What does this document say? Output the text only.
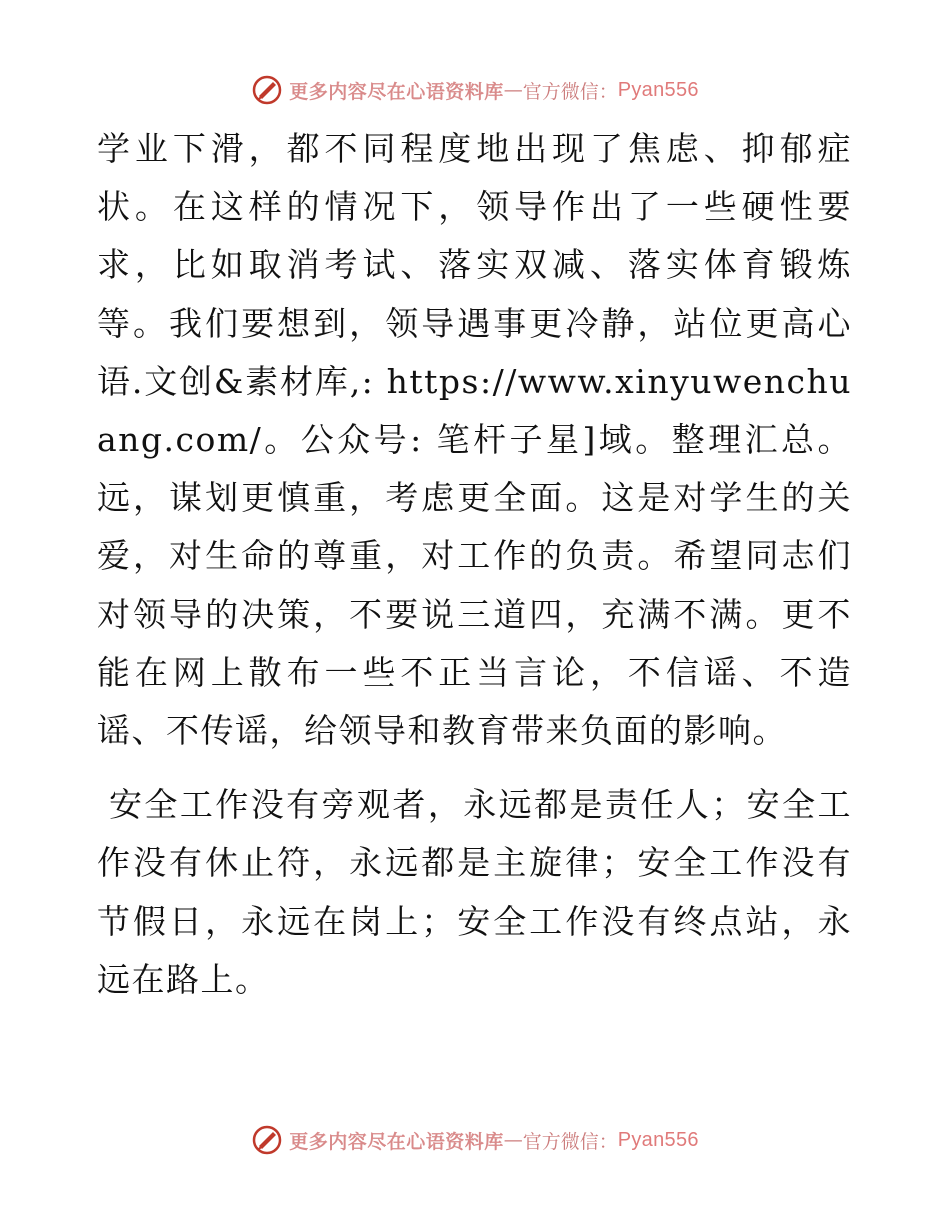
更多内容尽在心语资料库 — 官方微信： Pyan556

学业下滑，都不同程度地出现了焦虑、抑郁症状。在这样的情况下，领导作出了一些硬性要求，比如取消考试、落实双减、落实体育锻炼等。我们要想到，领导遇事更冷静，站位更高心语.文创&素材库,: https://www.xinyuwenchuang.com/。公众号: 笔杆子星]域。整理汇总。远，谋划更慎重，考虑更全面。这是对学生的关爱，对生命的尊重，对工作的负责。希望同志们对领导的决策，不要说三道四，充满不满。更不能在网上散布一些不正当言论，不信谣、不造谣、不传谣，给领导和教育带来负面的影响。

安全工作没有旁观者，永远都是责任人；安全工作没有休止符，永远都是主旋律；安全工作没有节假日，永远在岗上；安全工作没有终点站，永远在路上。

更多内容尽在心语资料库 — 官方微信： Pyan556
